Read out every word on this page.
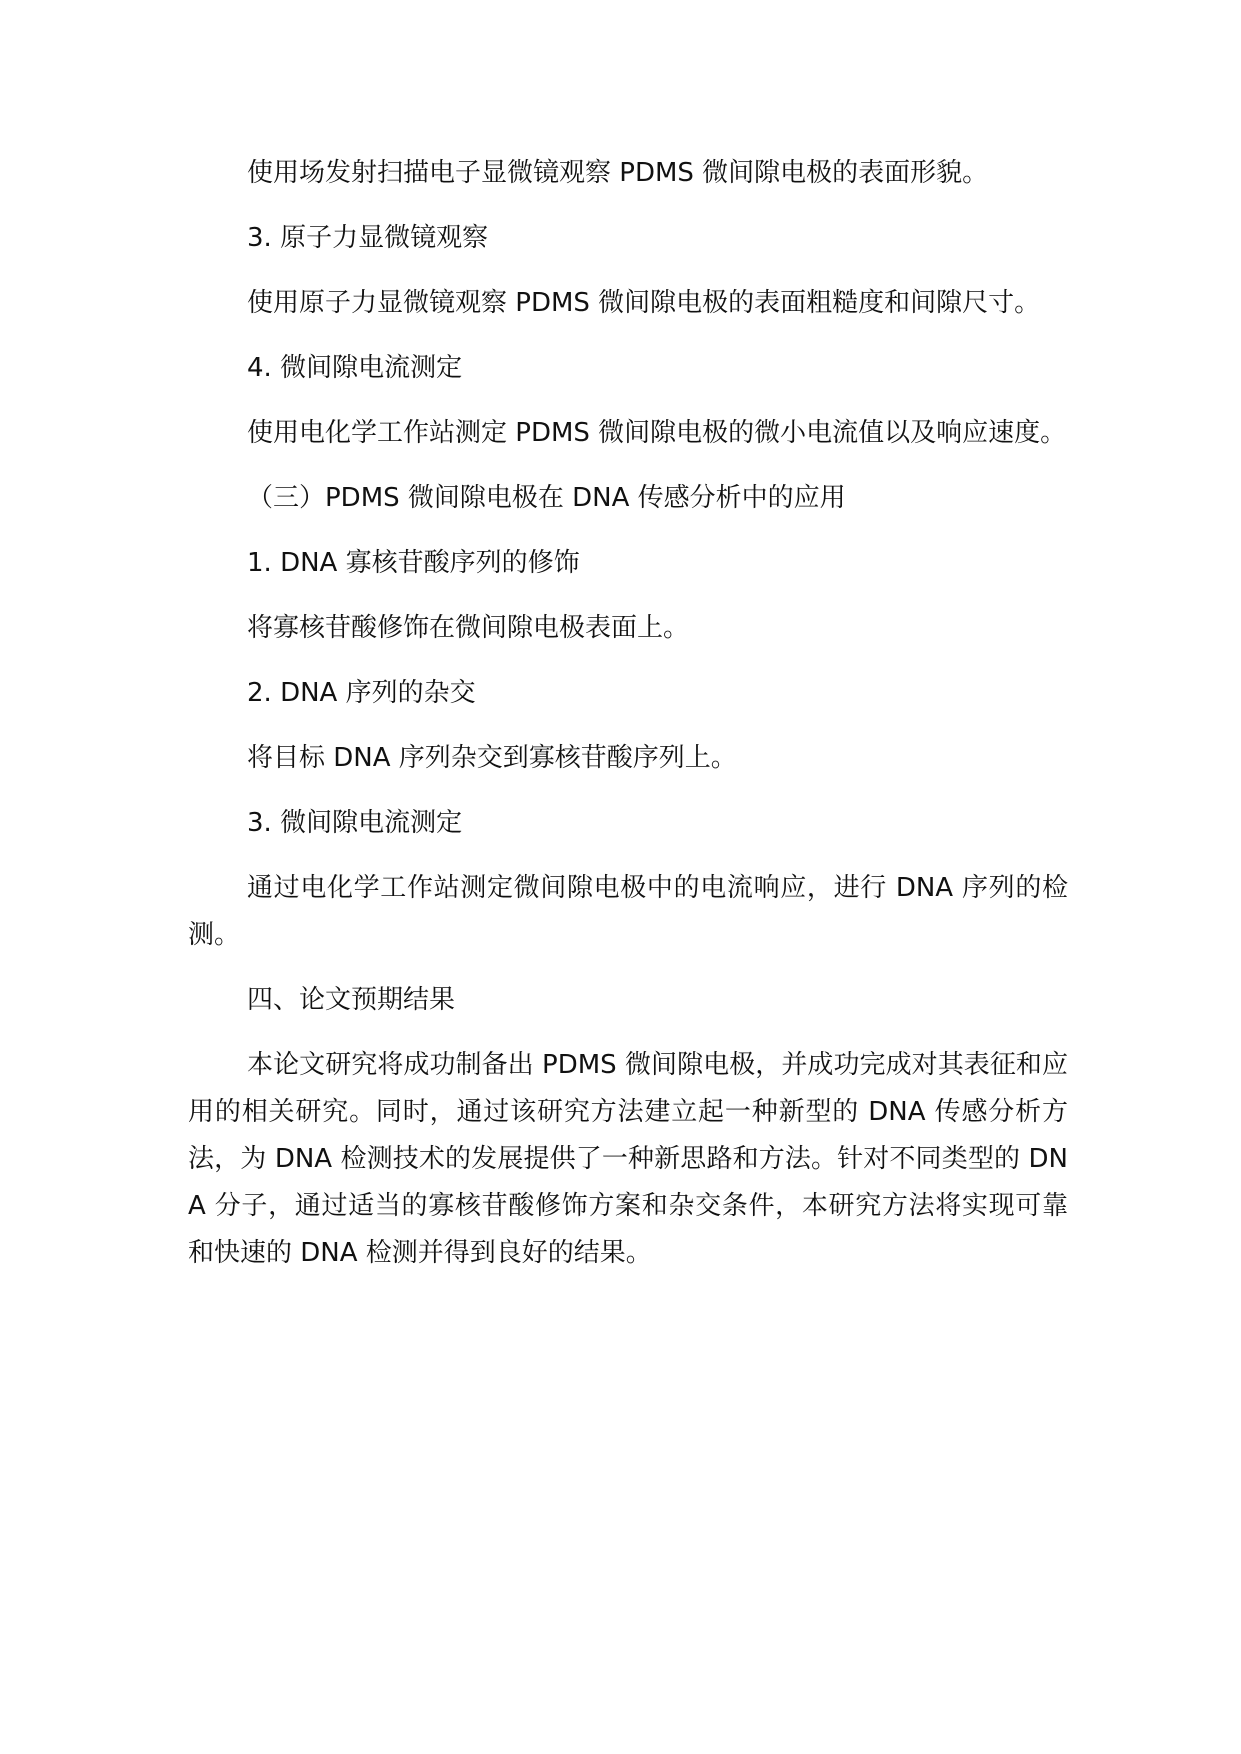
使用场发射扫描电子显微镜观察 PDMS 微间隙电极的表面形貌。

3. 原子力显微镜观察

使用原子力显微镜观察 PDMS 微间隙电极的表面粗糙度和间隙尺寸。

4. 微间隙电流测定

使用电化学工作站测定 PDMS 微间隙电极的微小电流值以及响应速度。

（三）PDMS 微间隙电极在 DNA 传感分析中的应用

1. DNA 寡核苷酸序列的修饰

将寡核苷酸修饰在微间隙电极表面上。

2. DNA 序列的杂交

将目标 DNA 序列杂交到寡核苷酸序列上。

3. 微间隙电流测定

通过电化学工作站测定微间隙电极中的电流响应，进行 DNA 序列的检测。

四、论文预期结果

本论文研究将成功制备出 PDMS 微间隙电极，并成功完成对其表征和应用的相关研究。同时，通过该研究方法建立起一种新型的 DNA 传感分析方法，为 DNA 检测技术的发展提供了一种新思路和方法。针对不同类型的 DNA 分子，通过适当的寡核苷酸修饰方案和杂交条件，本研究方法将实现可靠和快速的 DNA 检测并得到良好的结果。
